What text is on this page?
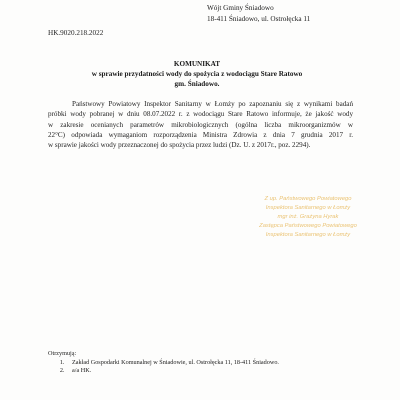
Wójt Gminy Śniadowo
18-411 Śniadowo, ul. Ostrołęcka 11
HK.9020.218.2022
KOMUNIKAT
w sprawie przydatności wody do spożycia z wodociągu Stare Ratowo
gm. Śniadowo.
Państwowy Powiatowy Inspektor Sanitarny w Łomży po zapoznaniu się z wynikami badań
próbki wody pobranej w dniu 08.07.2022 r. z wodociągu Stare Ratowo informuje, że jakość wody
w zakresie ocenianych parametrów mikrobiologicznych (ogólna liczba mikroorganizmów w
22°C) odpowiada wymaganiom rozporządzenia Ministra Zdrowia z dnia 7 grudnia 2017 r.
w sprawie jakości wody przeznaczonej do spożycia przez ludzi (Dz. U. z 2017r., poz. 2294).
Z up. Państwowego Powiatowego
Inspektora Sanitarnego w Łomży
mgr inż. Grażyna Hyrak
Zastępca Państwowego Powiatowego
Inspektora Sanitarnego w Łomży
Otrzymują:
1. Zakład Gospodarki Komunalnej w Śniadowie, ul. Ostrołęcka 11, 18-411 Śniadowo.
2. a/a HK.
